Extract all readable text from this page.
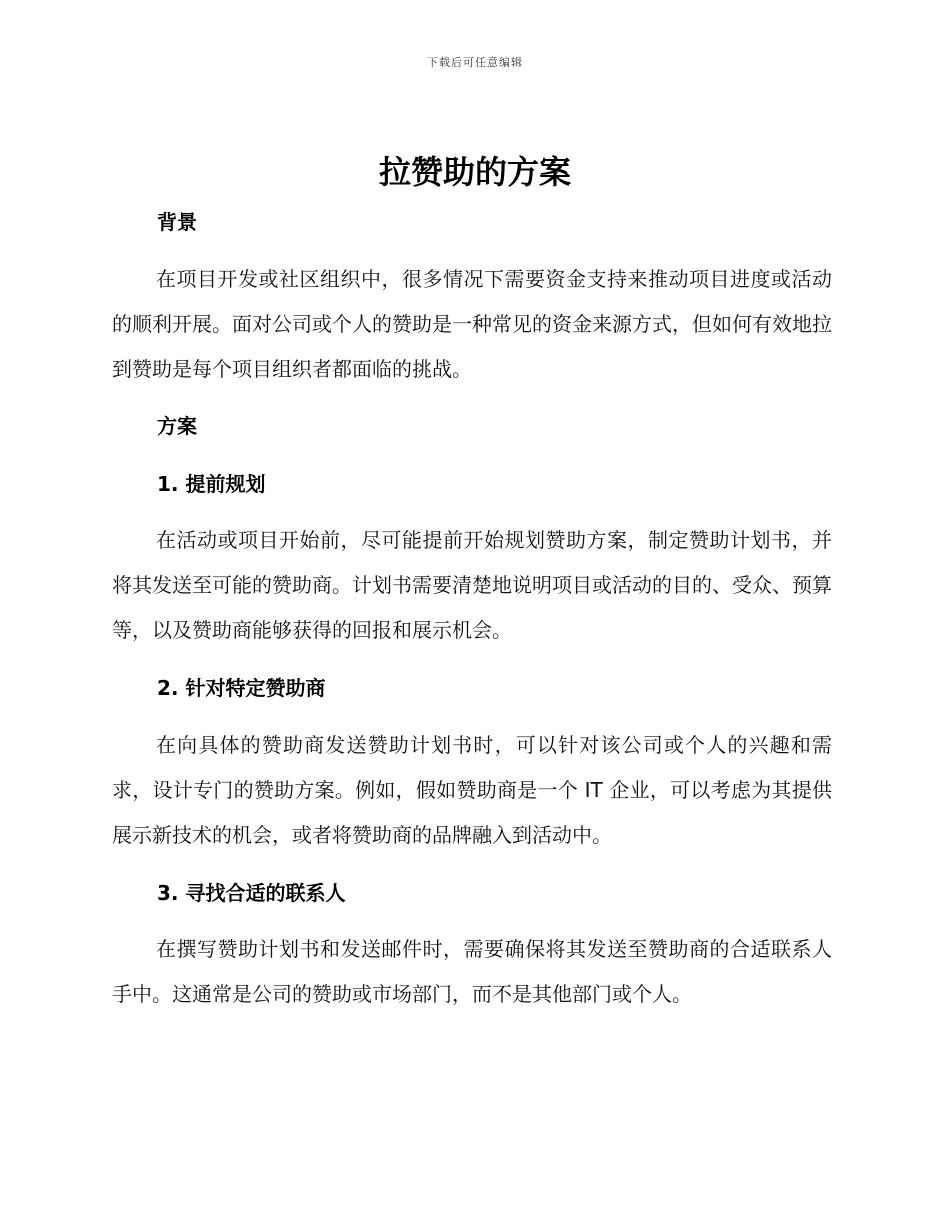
下载后可任意编辑
拉赞助的方案
背景

在项目开发或社区组织中，很多情况下需要资金支持来推动项目进度或活动的顺利开展。面对公司或个人的赞助是一种常见的资金来源方式，但如何有效地拉到赞助是每个项目组织者都面临的挑战。

方案
1. 提前规划

在活动或项目开始前，尽可能提前开始规划赞助方案，制定赞助计划书，并将其发送至可能的赞助商。计划书需要清楚地说明项目或活动的目的、受众、预算等，以及赞助商能够获得的回报和展示机会。

2. 针对特定赞助商

在向具体的赞助商发送赞助计划书时，可以针对该公司或个人的兴趣和需求，设计专门的赞助方案。例如，假如赞助商是一个 IT 企业，可以考虑为其提供展示新技术的机会，或者将赞助商的品牌融入到活动中。

3. 寻找合适的联系人

在撰写赞助计划书和发送邮件时，需要确保将其发送至赞助商的合适联系人手中。这通常是公司的赞助或市场部门，而不是其他部门或个人。
